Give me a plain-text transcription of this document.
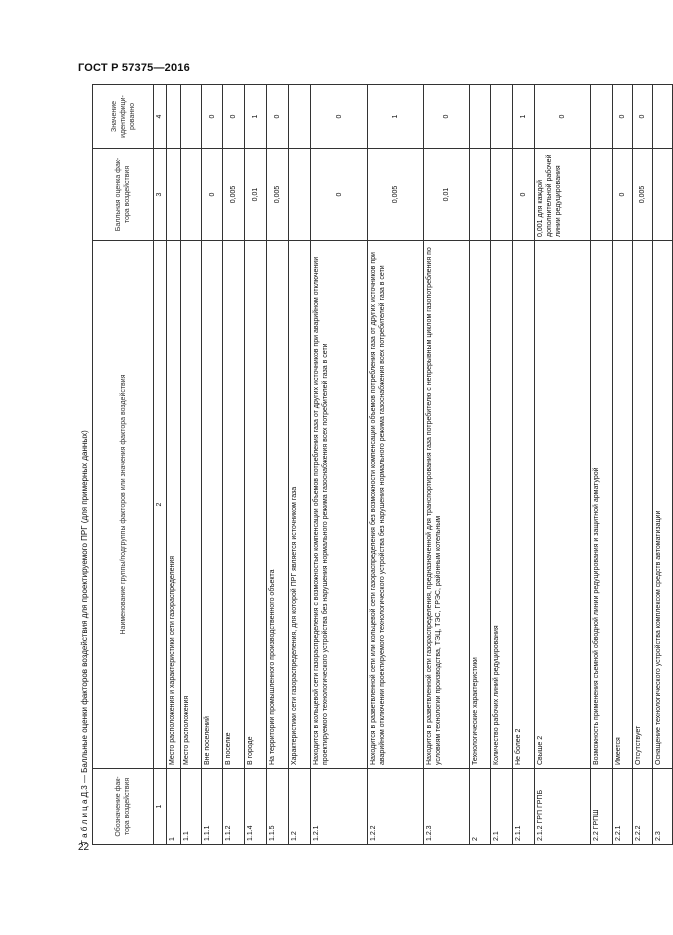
ГОСТ Р 57375—2016
Т а б л и ц а Д.3 — Балльные оценки факторов воздействия для проектируемого ПРГ (для примерных данных)	Обозначение фак-тора воздействия	Наименование группы/подгруппы факторов или значения фактора воздействия	Балльная оценка фак-тора воздействия	Значение идентифици-рованно
1	2	3	4
1	Место расположения и характеристики сети газораспределения		
1.1	Место расположения		
1.1.1	Вне поселений	0	0
1.1.2	В поселке	0,005	0
1.1.4	В городе	0,01	1
1.1.5	На территории промышленного производственного объекта	0,005	0
1.2	Характеристики сети газораспределения, для которой ПРГ является источником газа		
1.2.1	Находится в кольцевой сети газораспределения с возможностью компенсации объемов потребления газа от других источников при аварийном отключении проектируемого технологического устройства без нарушения нормального режима газоснабжения всех потребителей газа в сети	0	0
1.2.2	Находится в разветвленной сети или кольцевой сети газораспределения без возможности компенсации объемов потребления газа от других источников при аварийном отключении проектируемого технологического устройства без нарушения нормального режима газоснабжения всех потребителей газа в сети	0,005	1
1.2.3	Находится в разветвленной сети газораспределения, предназначенной для транспортирования газа потребителю с непрерывным циклом газопотребления по условиям технологии производства, ТЭЦ, ТЭС, ГРЭС, районным котельным	0,01	0
2	Технологические характеристики		
2.1	Количество рабочих линий редуцирования		
2.1.1	Не более 2	0	1
2.1.2 ГРП ГРПБ	Свыше 2	0,001 для каждой дополнительной рабочей линии редуцирования	0
2.2 ГРПШ	Возможность применения съемной обводной линии редуцирования и защитной арматурой		
2.2.1	Имеется	0	0
2.2.2	Отсутствует	0,005	0
2.3	Оснащение технологического устройства комплексом средств автоматизации		
22
